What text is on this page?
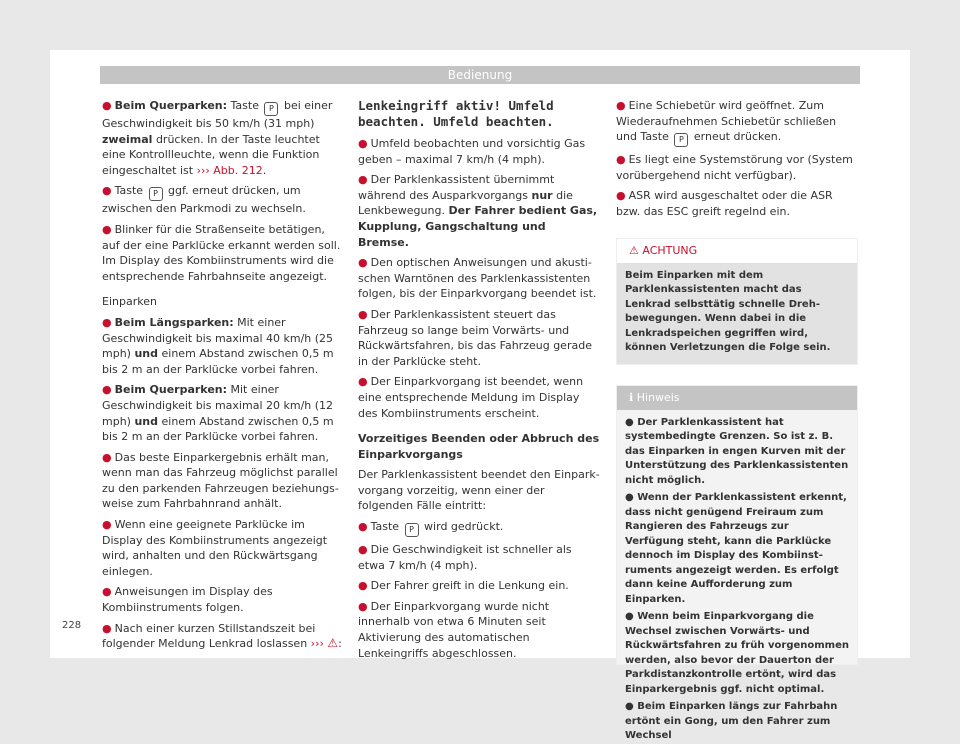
Bedienung

● Beim Querparken: Taste P bei einer Geschwindigkeit bis 50 km/h (31 mph) zweimal drücken. In der Taste leuchtet eine Kontrollleuchte, wenn die Funktion eingeschaltet ist ››› Abb. 212.

● Taste P ggf. erneut drücken, um zwischen den Parkmodi zu wechseln.

● Blinker für die Straßenseite betätigen, auf der eine Parklücke erkannt werden soll. Im Display des Kombiinstruments wird die entsprechende Fahrbahnseite angezeigt.

Einparken

● Beim Längsparken: Mit einer Geschwindigkeit bis maximal 40 km/h (25 mph) und einem Abstand zwischen 0,5 m bis 2 m an der Parklücke vorbei fahren.

● Beim Querparken: Mit einer Geschwindigkeit bis maximal 20 km/h (12 mph) und einem Abstand zwischen 0,5 m bis 2 m an der Parklücke vorbei fahren.

● Das beste Einparkergebnis erhält man, wenn man das Fahrzeug möglichst parallel zu den parkenden Fahrzeugen beziehungsweise zum Fahrbahnrand anhält.

● Wenn eine geeignete Parklücke im Display des Kombiinstruments angezeigt wird, anhalten und den Rückwärtsgang einlegen.

● Anweisungen im Display des Kombiinstruments folgen.

● Nach einer kurzen Stillstandszeit bei folgender Meldung Lenkrad loslassen ››› ⚠:

Lenkeingriff aktiv! Umfeld beachten. Umfeld beachten.

● Umfeld beobachten und vorsichtig Gas geben – maximal 7 km/h (4 mph).

● Der Parklenkassistent übernimmt während des Ausparkvorgangs nur die Lenkbewegung. Der Fahrer bedient Gas, Kupplung, Gangschaltung und Bremse.

● Den optischen Anweisungen und akustischen Warntönen des Parklenkassistenten folgen, bis der Einparkvorgang beendet ist.

● Der Parklenkassistent steuert das Fahrzeug so lange beim Vorwärts- und Rückwärtsfahren, bis das Fahrzeug gerade in der Parklücke steht.

● Der Einparkvorgang ist beendet, wenn eine entsprechende Meldung im Display des Kombiinstruments erscheint.

Vorzeitiges Beenden oder Abbruch des Einparkvorgangs

Der Parklenkassistent beendet den Einparkvorgang vorzeitig, wenn einer der folgenden Fälle eintritt:

● Taste P wird gedrückt.

● Die Geschwindigkeit ist schneller als etwa 7 km/h (4 mph).

● Der Fahrer greift in die Lenkung ein.

● Der Einparkvorgang wurde nicht innerhalb von etwa 6 Minuten seit Aktivierung des automatischen Lenkeingriffs abgeschlossen.

● Eine Schiebetür wird geöffnet. Zum Wiederaufnehmen Schiebetür schließen und Taste P erneut drücken.

● Es liegt eine Systemstörung vor (System vorübergehend nicht verfügbar).

● ASR wird ausgeschaltet oder die ASR bzw. das ESC greift regelnd ein.

⚠ ACHTUNG
Beim Einparken mit dem Parklenkassistenten macht das Lenkrad selbsttätig schnelle Drehbewegungen. Wenn dabei in die Lenkradspeichen gegriffen wird, können Verletzungen die Folge sein.
ℹ Hinweis

● Der Parklenkassistent hat systembedingte Grenzen. So ist z. B. das Einparken in engen Kurven mit der Unterstützung des Parklenkassistenten nicht möglich.

● Wenn der Parklenkassistent erkennt, dass nicht genügend Freiraum zum Rangieren des Fahrzeugs zur Verfügung steht, kann die Parklücke dennoch im Display des Kombiinstruments angezeigt werden. Es erfolgt dann keine Aufforderung zum Einparken.

● Wenn beim Einparkvorgang die Wechsel zwischen Vorwärts- und Rückwärtsfahren zu früh vorgenommen werden, also bevor der Dauerton der Parkdistanzkontrolle ertönt, wird das Einparkergebnis ggf. nicht optimal.

● Beim Einparken längs zur Fahrbahn ertönt ein Gong, um den Fahrer zum Wechsel

228
